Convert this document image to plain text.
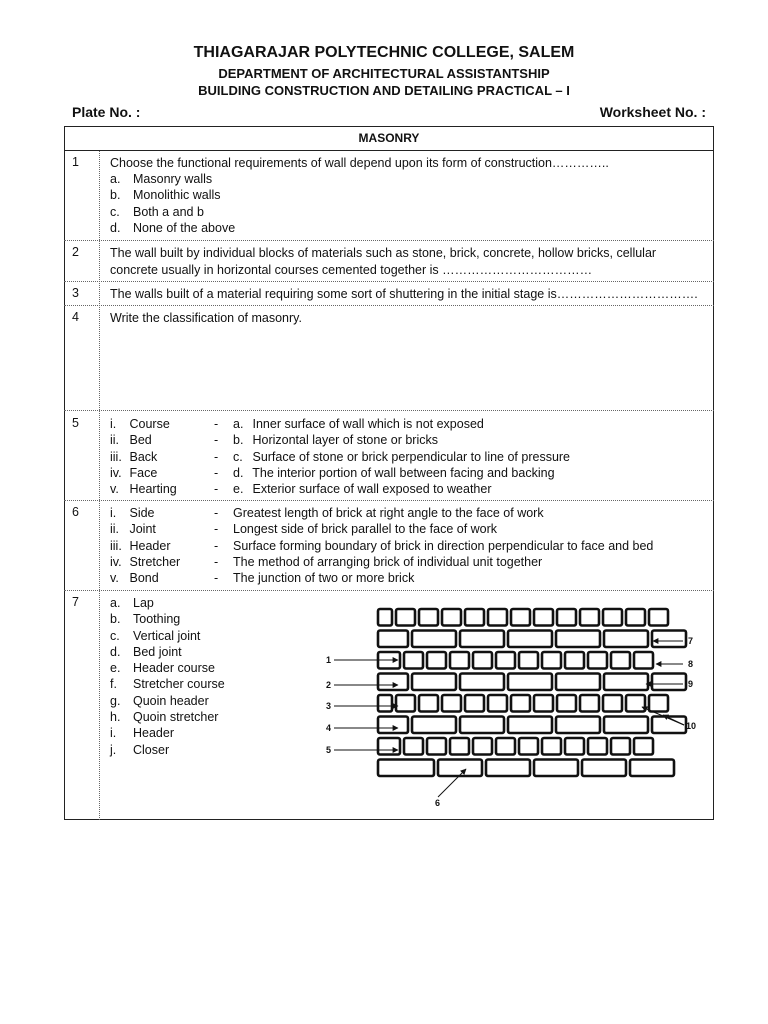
THIAGARAJAR POLYTECHNIC COLLEGE, SALEM
DEPARTMENT OF ARCHITECTURAL ASSISTANTSHIP
BUILDING CONSTRUCTION AND DETAILING PRACTICAL – I
Plate No. :	Worksheet No. :
MASONRY
1 Choose the functional requirements of wall depend upon its form of construction…………..
a. Masonry walls
b. Monolithic walls
c. Both a and b
d. None of the above
2 The wall built by individual blocks of materials such as stone, brick, concrete, hollow bricks, cellular
concrete usually in horizontal courses cemented together is ………………………………
3 The walls built of a material requiring some sort of shuttering in the initial stage is…………………………….
4 Write the classification of masonry.
5 i. Course
ii. Bed
iii. Back
iv. Face
v. Hearting
-
-
-
-
-
a. Inner surface of wall which is not exposed
b. Horizontal layer of stone or bricks
c. Surface of stone or brick perpendicular to line of pressure
d. The interior portion of wall between facing and backing
e. Exterior surface of wall exposed to weather
6 i. Side
ii. Joint
iii. Header
iv. Stretcher
v. Bond
-
-
-
-
-
Greatest length of brick at right angle to the face of work
Longest side of brick parallel to the face of work
Surface forming boundary of brick in direction perpendicular to face and bed
The method of arranging brick of individual unit together
The junction of two or more brick
7 a. Lap
b. Toothing
c. Vertical joint
d. Bed joint
e. Header course
f. Stretcher course
g. Quoin header
h. Quoin stretcher
i. Header
j. Closer
1
2
3
4
5
6
7
8
9
10
